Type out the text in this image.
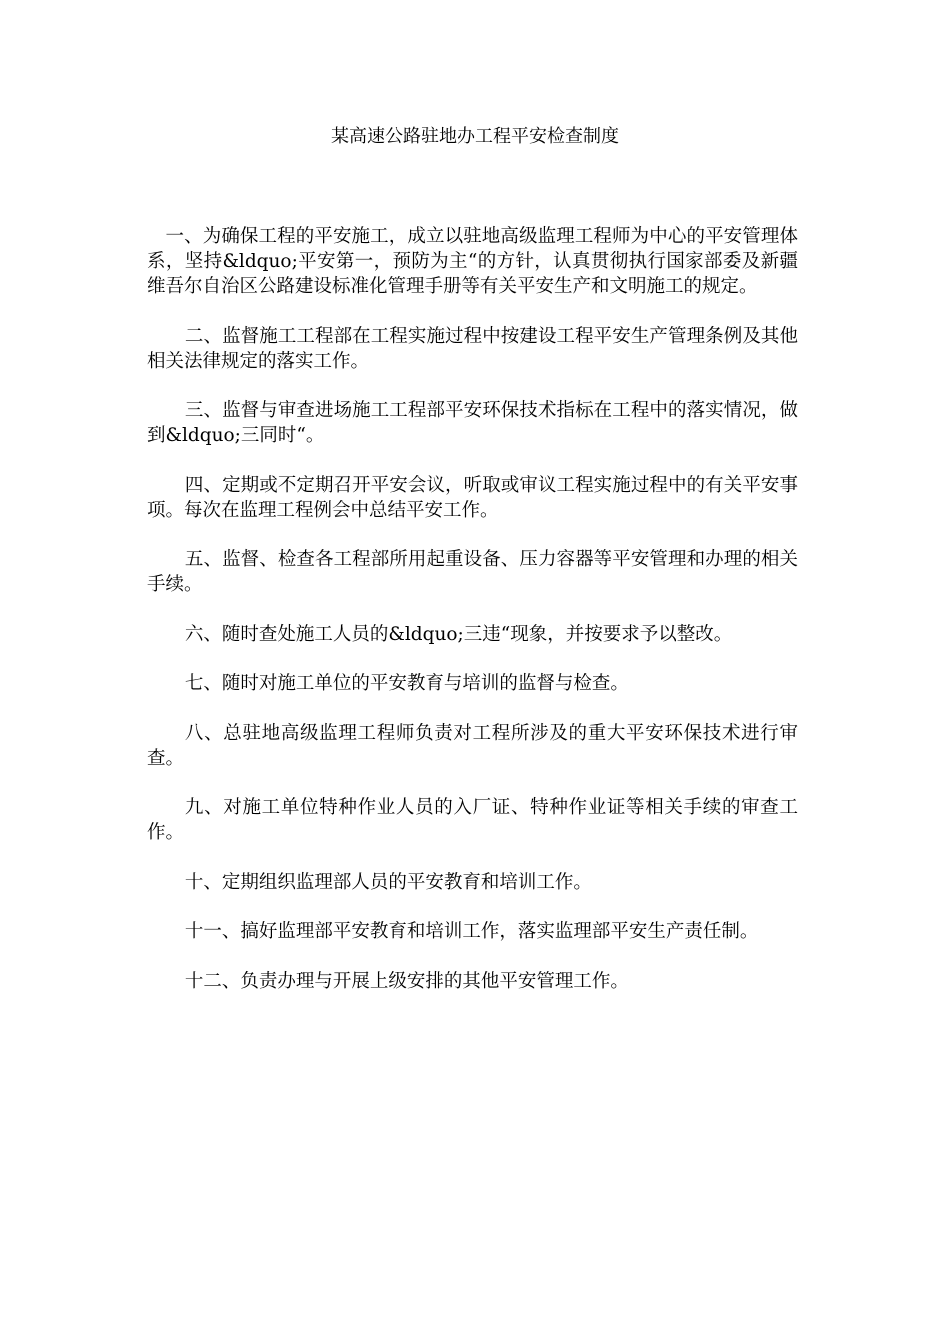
某高速公路驻地办工程平安检查制度

一、为确保工程的平安施工，成立以驻地高级监理工程师为中心的平安管理体系，坚持&ldquo;平安第一，预防为主“的方针，认真贯彻执行国家部委及新疆维吾尔自治区公路建设标准化管理手册等有关平安生产和文明施工的规定。

二、监督施工工程部在工程实施过程中按建设工程平安生产管理条例及其他相关法律规定的落实工作。

三、监督与审查进场施工工程部平安环保技术指标在工程中的落实情况，做到&ldquo;三同时“。

四、定期或不定期召开平安会议，听取或审议工程实施过程中的有关平安事项。每次在监理工程例会中总结平安工作。

五、监督、检查各工程部所用起重设备、压力容器等平安管理和办理的相关手续。

六、随时查处施工人员的&ldquo;三违“现象，并按要求予以整改。

七、随时对施工单位的平安教育与培训的监督与检查。

八、总驻地高级监理工程师负责对工程所涉及的重大平安环保技术进行审查。

九、对施工单位特种作业人员的入厂证、特种作业证等相关手续的审查工作。

十、定期组织监理部人员的平安教育和培训工作。

十一、搞好监理部平安教育和培训工作，落实监理部平安生产责任制。

十二、负责办理与开展上级安排的其他平安管理工作。
